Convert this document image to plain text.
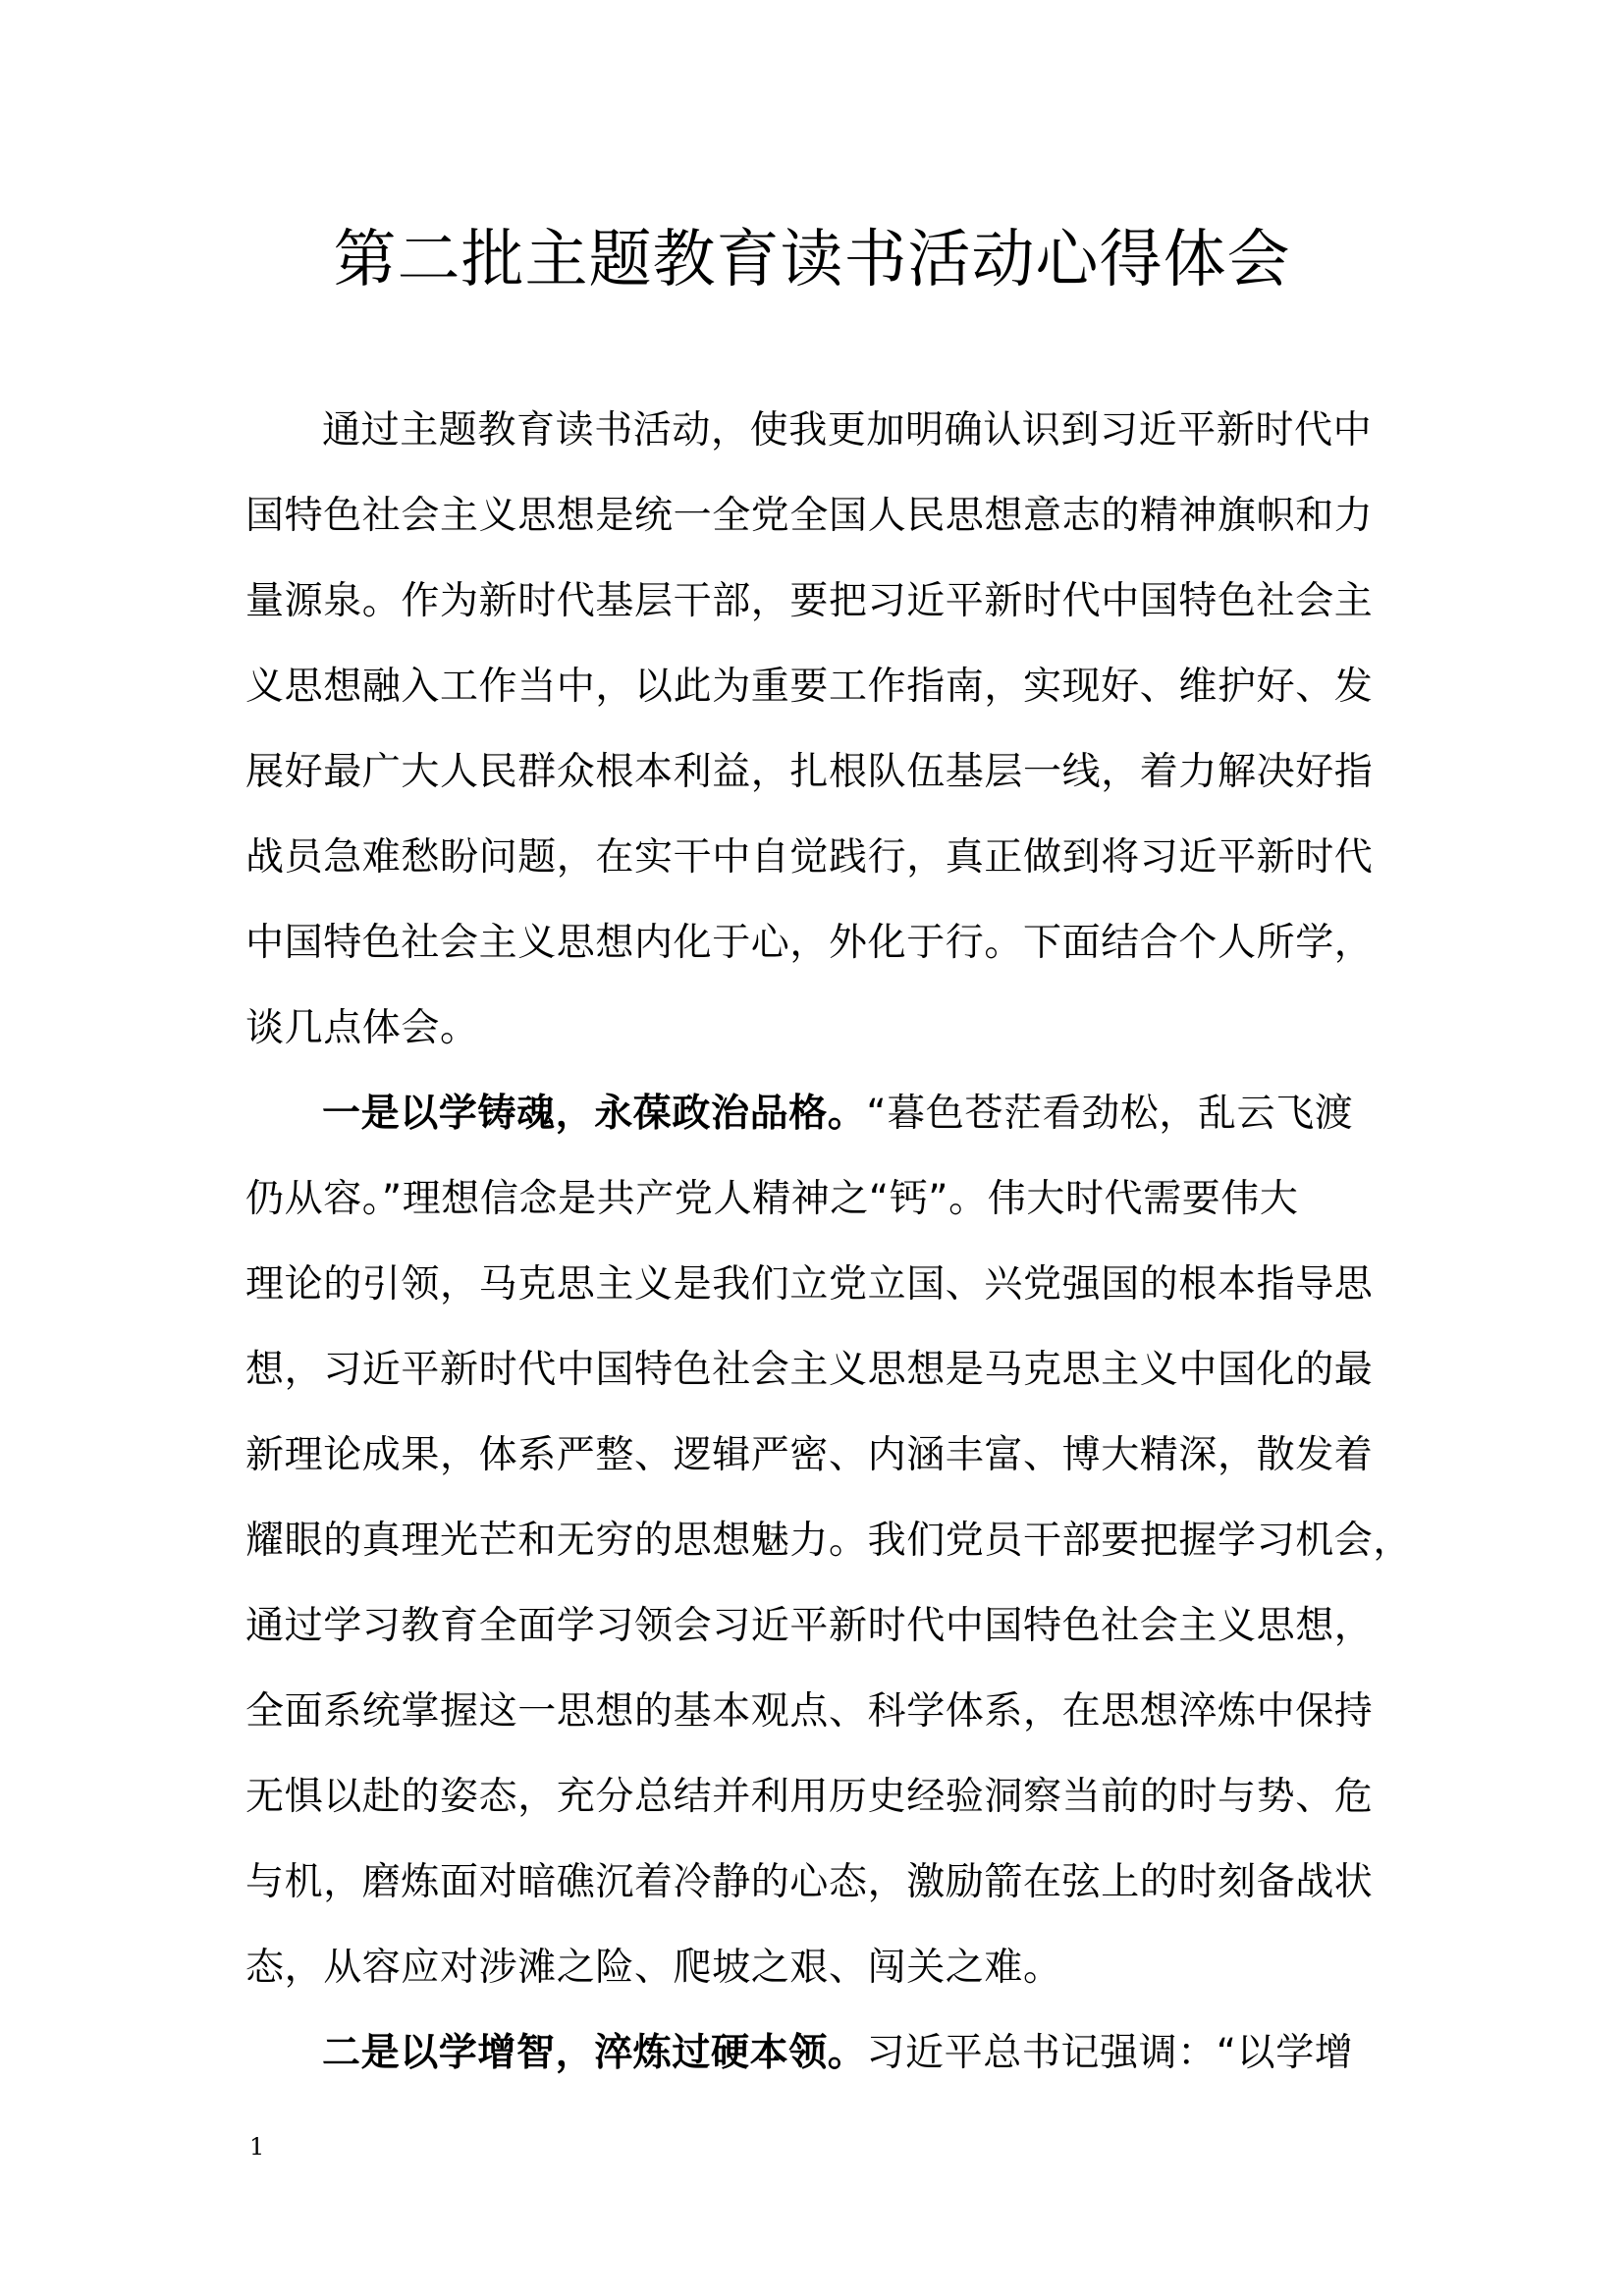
第二批主题教育读书活动心得体会
通过主题教育读书活动，使我更加明确认识到习近平新时代中
国特色社会主义思想是统一全党全国人民思想意志的精神旗帜和力
量源泉。作为新时代基层干部，要把习近平新时代中国特色社会主
义思想融入工作当中，以此为重要工作指南，实现好、维护好、发
展好最广大人民群众根本利益，扎根队伍基层一线，着力解决好指
战员急难愁盼问题，在实干中自觉践行，真正做到将习近平新时代
中国特色社会主义思想内化于心，外化于行。下面结合个人所学，
谈几点体会。
一是以学铸魂，永葆政治品格。“暮色苍茫看劲松，乱云飞渡
仍从容。”理想信念是共产党人精神之“钙”。伟大时代需要伟大
理论的引领，马克思主义是我们立党立国、兴党强国的根本指导思
想，习近平新时代中国特色社会主义思想是马克思主义中国化的最
新理论成果，体系严整、逻辑严密、内涵丰富、博大精深，散发着
耀眼的真理光芒和无穷的思想魅力。我们党员干部要把握学习机会，
通过学习教育全面学习领会习近平新时代中国特色社会主义思想，
全面系统掌握这一思想的基本观点、科学体系，在思想淬炼中保持
无惧以赴的姿态，充分总结并利用历史经验洞察当前的时与势、危
与机，磨炼面对暗礁沉着冷静的心态，激励箭在弦上的时刻备战状
态，从容应对涉滩之险、爬坡之艰、闯关之难。
二是以学增智，淬炼过硬本领。习近平总书记强调：“以学增
1
